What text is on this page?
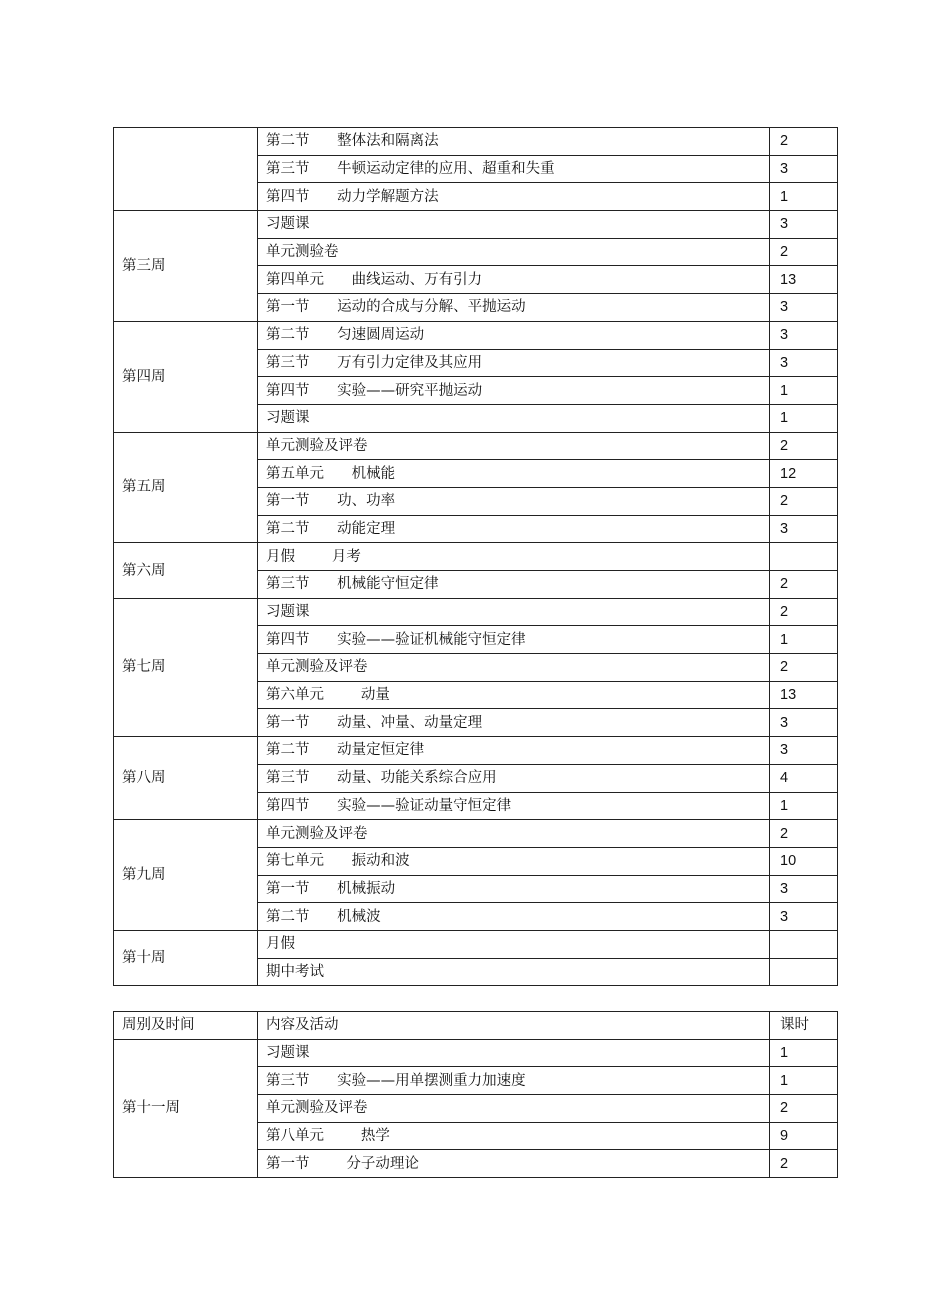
	第二节      整体法和隔离法	2
	第三节      牛顿运动定律的应用、超重和失重	3
	第四节      动力学解题方法	1
第三周	习题课	3
	单元测验卷	2
	第四单元      曲线运动、万有引力	13
	第一节      运动的合成与分解、平抛运动	3
第四周	第二节      匀速圆周运动	3
	第三节      万有引力定律及其应用	3
	第四节      实验——研究平抛运动	1
	习题课	1
第五周	单元测验及评卷	2
	第五单元      机械能	12
	第一节      功、功率	2
	第二节      动能定理	3
第六周	月假        月考	
	第三节      机械能守恒定律	2
第七周	习题课	2
	第四节      实验——验证机械能守恒定律	1
	单元测验及评卷	2
	第六单元        动量	13
	第一节      动量、冲量、动量定理	3
第八周	第二节      动量定恒定律	3
	第三节      动量、功能关系综合应用	4
	第四节      实验——验证动量守恒定律	1
第九周	单元测验及评卷	2
	第七单元      振动和波	10
	第一节      机械振动	3
	第二节      机械波	3
第十周	月假	
	期中考试	
周别及时间	内容及活动	课时
第十一周	习题课	1
	第三节      实验——用单摆测重力加速度	1
	单元测验及评卷	2
	第八单元        热学	9
	第一节        分子动理论	2
